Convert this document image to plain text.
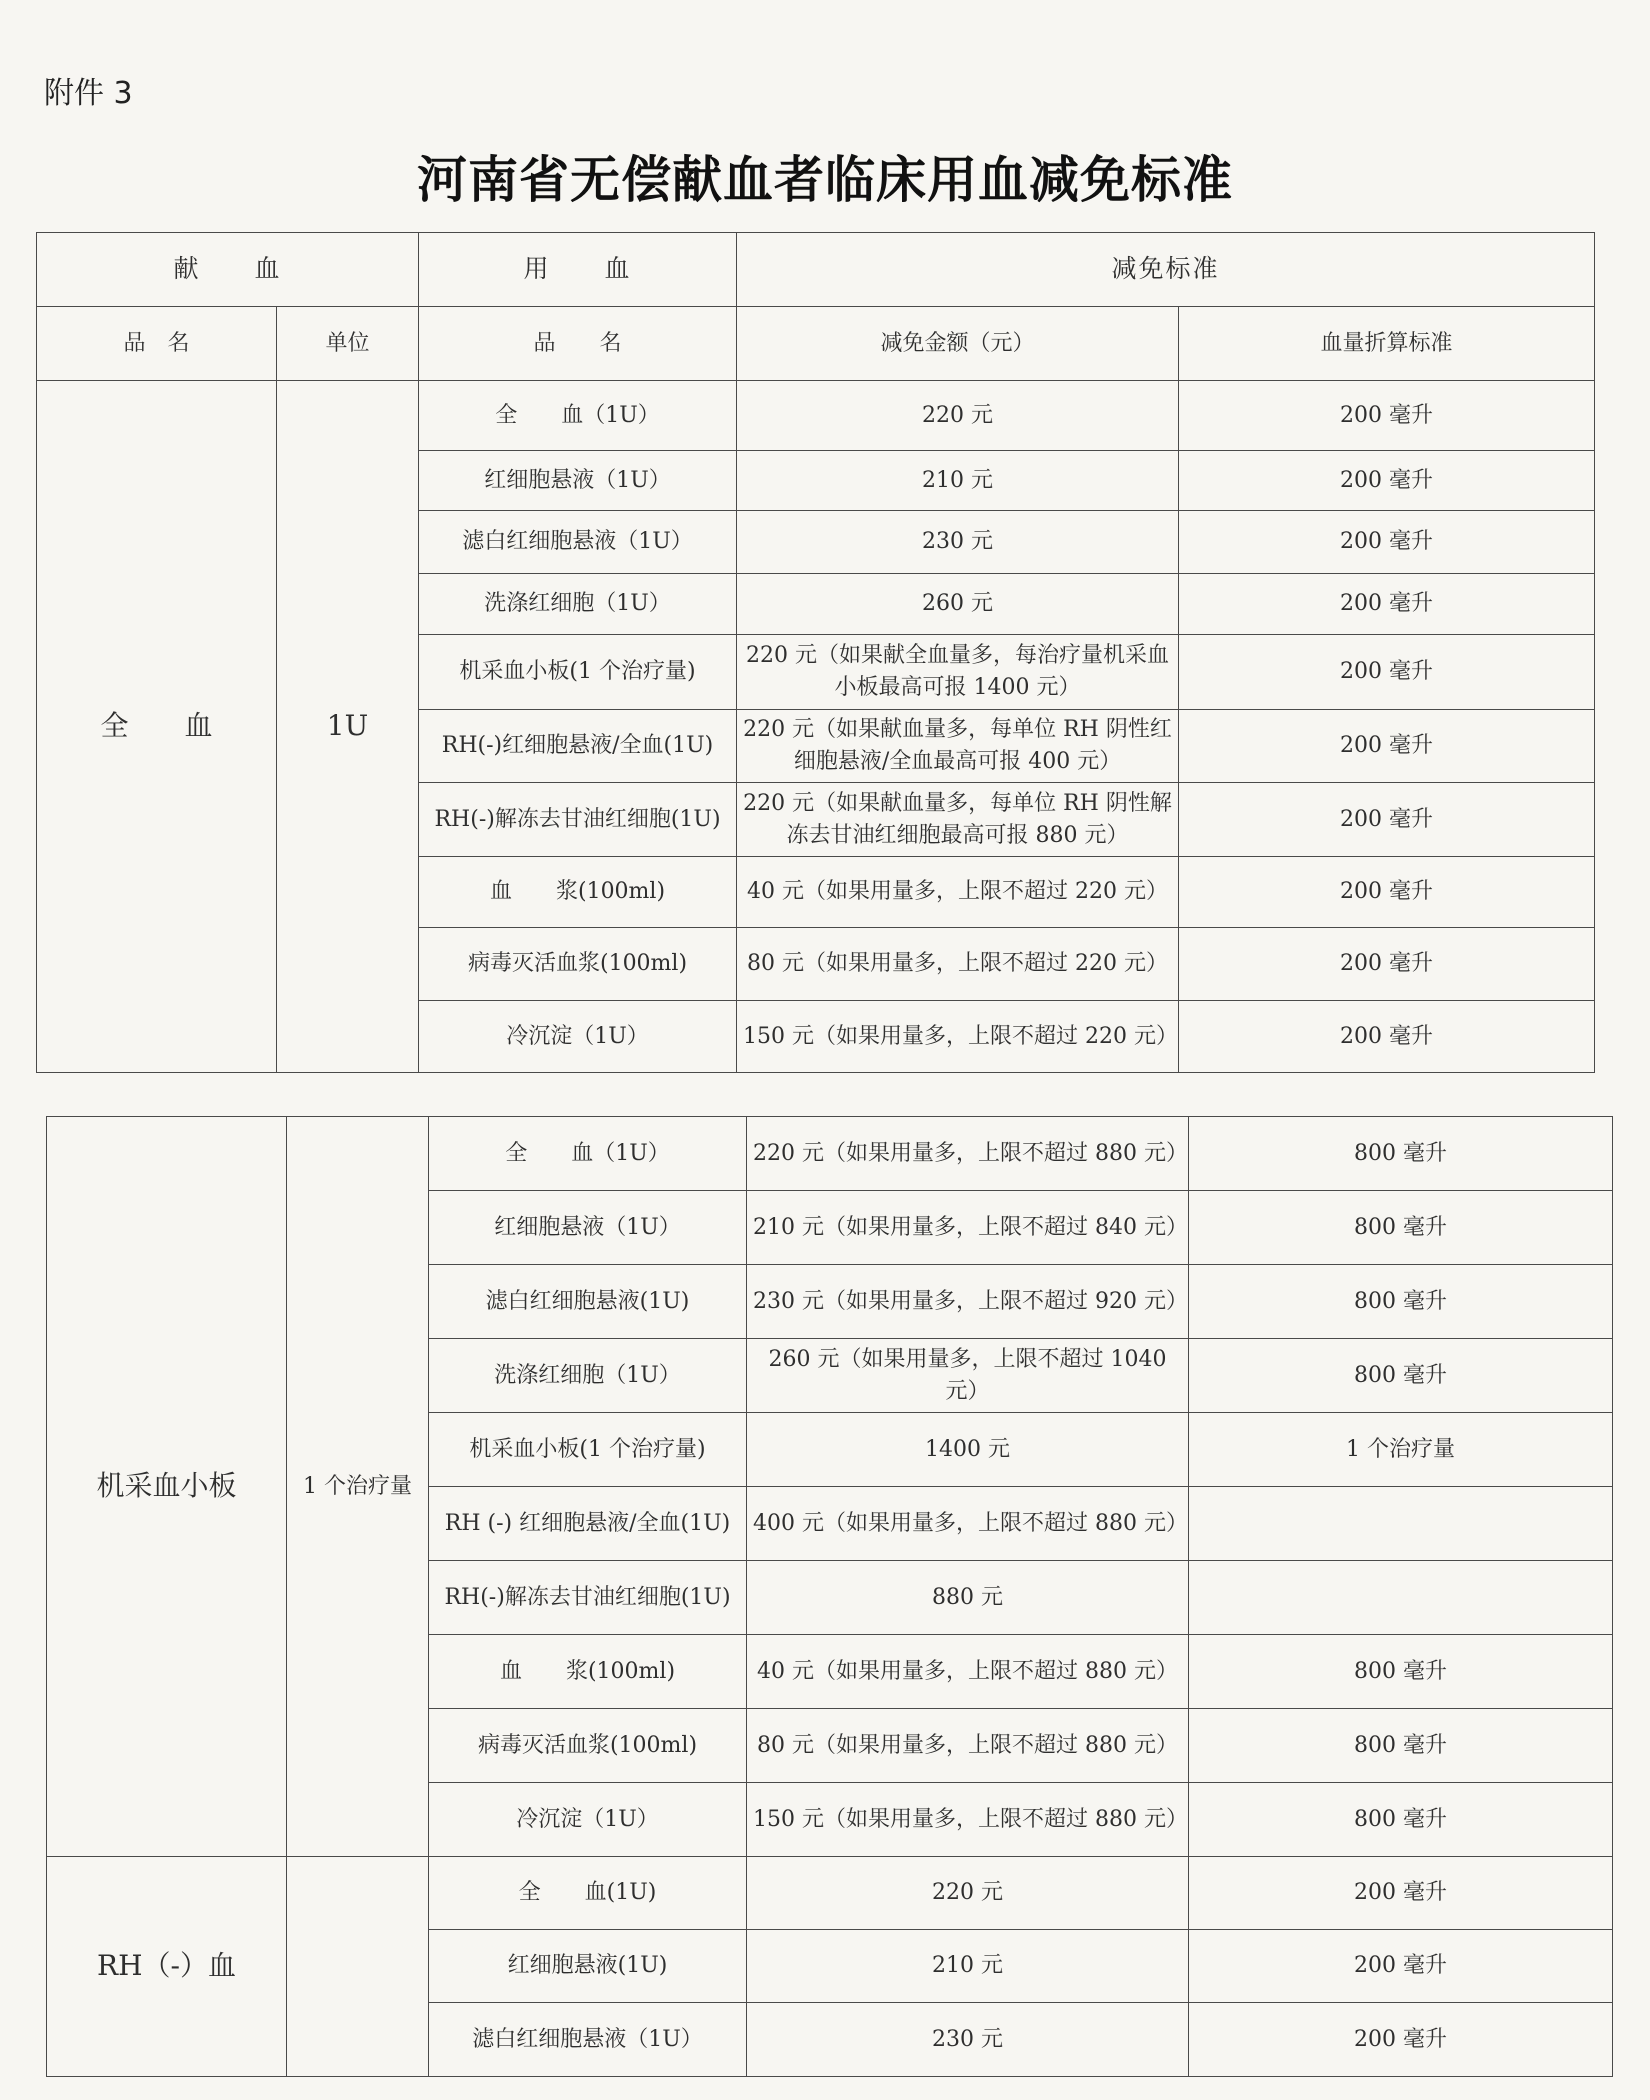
附件 3
河南省无偿献血者临床用血减免标准
献　　血		用　　血	减免标准	
品　名	单位	品　　名	减免金额（元）	血量折算标准
全　　血	1U	全　　血（1U）	220 元	200 毫升
		红细胞悬液（1U）	210 元	200 毫升
		滤白红细胞悬液（1U）	230 元	200 毫升
		洗涤红细胞（1U）	260 元	200 毫升
		机采血小板(1 个治疗量)	220 元（如果献全血量多，每治疗量机采血小板最高可报 1400 元）	200 毫升
		RH(-)红细胞悬液/全血(1U)	220 元（如果献血量多，每单位 RH 阴性红细胞悬液/全血最高可报 400 元）	200 毫升
		RH(-)解冻去甘油红细胞(1U)	220 元（如果献血量多，每单位 RH 阴性解冻去甘油红细胞最高可报 880 元）	200 毫升
		血　　浆(100ml)	40 元（如果用量多，上限不超过 220 元）	200 毫升
		病毒灭活血浆(100ml)	80 元（如果用量多，上限不超过 220 元）	200 毫升
		冷沉淀（1U）	150 元（如果用量多，上限不超过 220 元）	200 毫升
机采血小板	1 个治疗量	全　　血（1U）	220 元（如果用量多，上限不超过 880 元）	800 毫升
		红细胞悬液（1U）	210 元（如果用量多，上限不超过 840 元）	800 毫升
		滤白红细胞悬液(1U)	230 元（如果用量多，上限不超过 920 元）	800 毫升
		洗涤红细胞（1U）	260 元（如果用量多，上限不超过 1040 元）	800 毫升
		机采血小板(1 个治疗量)	1400 元	1 个治疗量
		RH (-) 红细胞悬液/全血(1U)	400 元（如果用量多，上限不超过 880 元）	
		RH(-)解冻去甘油红细胞(1U)	880 元	
		血　　浆(100ml)	40 元（如果用量多，上限不超过 880 元）	800 毫升
		病毒灭活血浆(100ml)	80 元（如果用量多，上限不超过 880 元）	800 毫升
		冷沉淀（1U）	150 元（如果用量多，上限不超过 880 元）	800 毫升
RH（-）血		全　　血(1U)	220 元	200 毫升
		红细胞悬液(1U)	210 元	200 毫升
		滤白红细胞悬液（1U）	230 元	200 毫升
